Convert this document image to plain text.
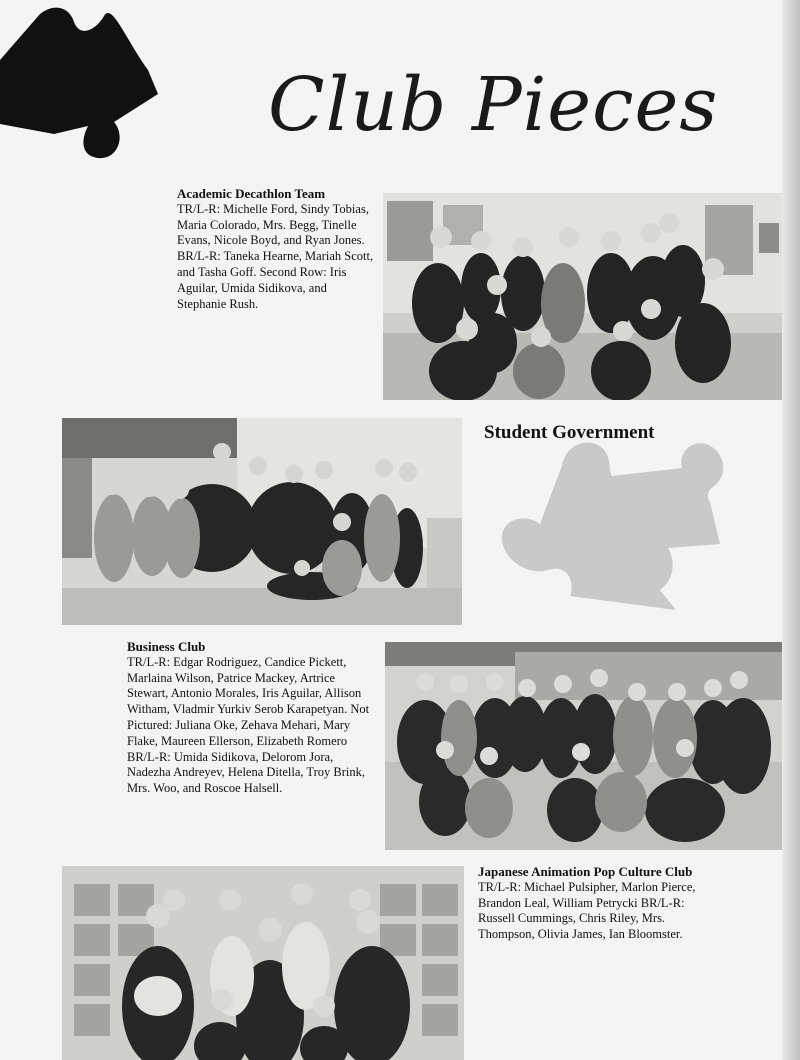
Club Pieces
Academic Decathlon Team

TR/L-R: Michelle Ford, Sindy Tobias, Maria Colorado, Mrs. Begg, Tinelle Evans, Nicole Boyd, and Ryan Jones. BR/L-R: Taneka Hearne, Mariah Scott, and Tasha Goff. Second Row: Iris Aguilar, Umida Sidikova, and Stephanie Rush.

Student Government
Business Club

TR/L-R: Edgar Rodriguez, Candice Pickett, Marlaina Wilson, Patrice Mackey, Artrice Stewart, Antonio Morales, Iris Aguilar, Allison Witham, Vladmir Yurkiv Serob Karapetyan. Not Pictured: Juliana Oke, Zehava Mehari, Mary Flake, Maureen Ellerson, Elizabeth Romero BR/L-R: Umida Sidikova, Delorom Jora, Nadezha Andreyev, Helena Ditella, Troy Brink, Mrs. Woo, and Roscoe Halsell.

Japanese Animation Pop Culture Club

TR/L-R: Michael Pulsipher, Marlon Pierce, Brandon Leal, William Petrycki BR/L-R: Russell Cummings, Chris Riley, Mrs. Thompson, Olivia James, Ian Bloomster.
